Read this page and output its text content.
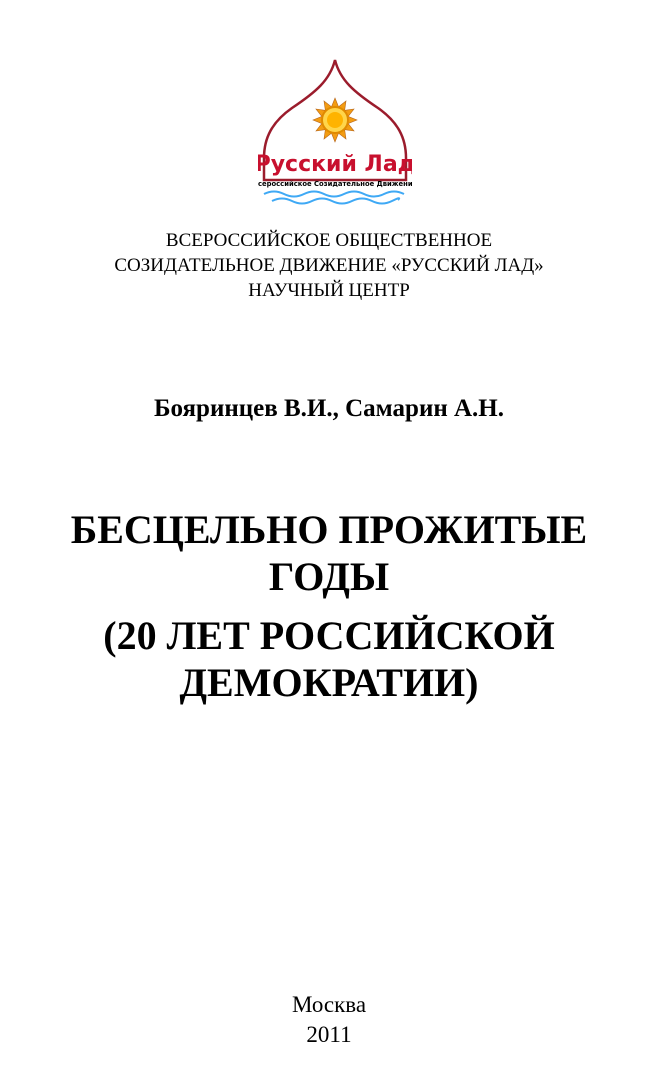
Русский Лад
Всероссийское Созидательное Движение
ВСЕРОССИЙСКОЕ ОБЩЕСТВЕННОЕ
СОЗИДАТЕЛЬНОЕ ДВИЖЕНИЕ «РУССКИЙ ЛАД»
НАУЧНЫЙ ЦЕНТР
Бояринцев В.И., Самарин А.Н.
БЕСЦЕЛЬНО ПРОЖИТЫЕ
ГОДЫ
(20 ЛЕТ РОССИЙСКОЙ
ДЕМОКРАТИИ)
Москва
2011
